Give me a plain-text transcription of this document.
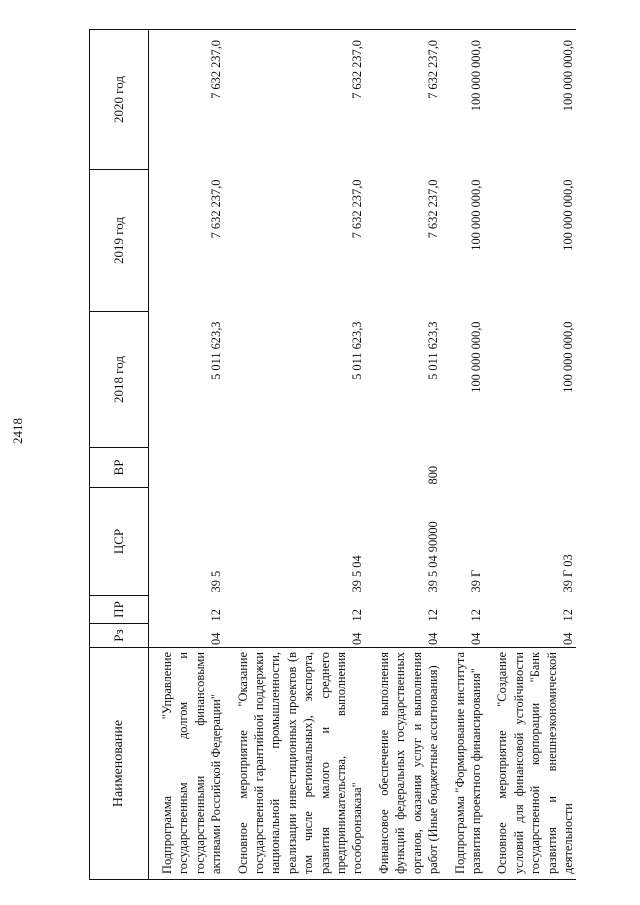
2418
Наименование	Рз	ПР	ЦСР	ВР	2018 год	2019 год	2020 год
Подпрограмма "Управление государственным долгом и государственными финансовыми активами Российской Федерации"	04	12	39 5		5 011 623,3	7 632 237,0	7 632 237,0
Основное мероприятие "Оказание государственной гарантийной поддержки национальной промышленности, реализации инвестиционных проектов (в том числе региональных), экспорта, развития малого и среднего предпринимательства, выполнения гособоронзаказа"	04	12	39 5 04		5 011 623,3	7 632 237,0	7 632 237,0
Финансовое обеспечение выполнения функций федеральных государственных органов, оказания услуг и выполнения работ (Иные бюджетные ассигнования)	04	12	39 5 04 90000	800	5 011 623,3	7 632 237,0	7 632 237,0
Подпрограмма "Формирование института развития проектного финансирования"	04	12	39 Г		100 000 000,0	100 000 000,0	100 000 000,0
Основное мероприятие "Создание условий для финансовой устойчивости государственной корпорации "Банк развития и внешнеэкономической деятельности	04	12	39 Г 03		100 000 000,0	100 000 000,0	100 000 000,0
